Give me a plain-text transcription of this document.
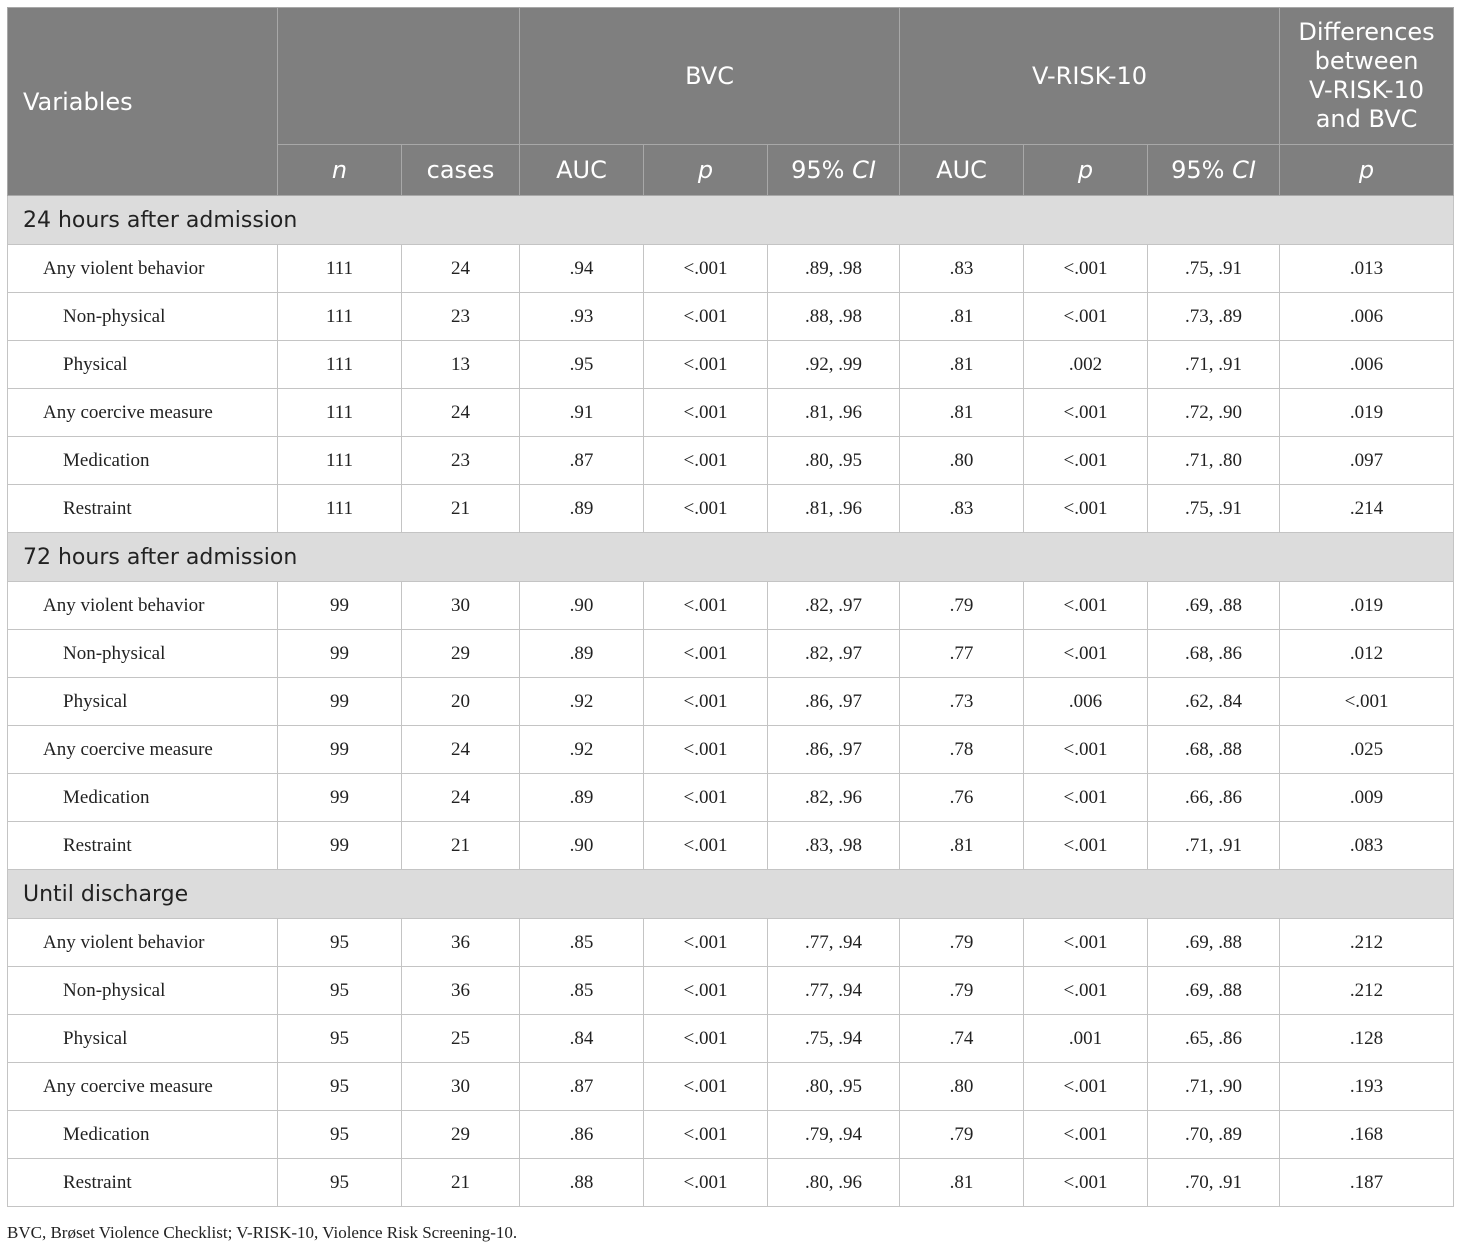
Variables			BVC			V-RISK-10			Differences
between
V-RISK-10
and BVC

	n	cases	AUC	p	95% CI	AUC	p	95% CI	p
24 hours after admission									
Any violent behavior	111	24	.94	<.001	.89, .98	.83	<.001	.75, .91	.013
Non-physical	111	23	.93	<.001	.88, .98	.81	<.001	.73, .89	.006
Physical	111	13	.95	<.001	.92, .99	.81	.002	.71, .91	.006
Any coercive measure	111	24	.91	<.001	.81, .96	.81	<.001	.72, .90	.019
Medication	111	23	.87	<.001	.80, .95	.80	<.001	.71, .80	.097
Restraint	111	21	.89	<.001	.81, .96	.83	<.001	.75, .91	.214
72 hours after admission									
Any violent behavior	99	30	.90	<.001	.82, .97	.79	<.001	.69, .88	.019
Non-physical	99	29	.89	<.001	.82, .97	.77	<.001	.68, .86	.012
Physical	99	20	.92	<.001	.86, .97	.73	.006	.62, .84	<.001
Any coercive measure	99	24	.92	<.001	.86, .97	.78	<.001	.68, .88	.025
Medication	99	24	.89	<.001	.82, .96	.76	<.001	.66, .86	.009
Restraint	99	21	.90	<.001	.83, .98	.81	<.001	.71, .91	.083
Until discharge									
Any violent behavior	95	36	.85	<.001	.77, .94	.79	<.001	.69, .88	.212
Non-physical	95	36	.85	<.001	.77, .94	.79	<.001	.69, .88	.212
Physical	95	25	.84	<.001	.75, .94	.74	.001	.65, .86	.128
Any coercive measure	95	30	.87	<.001	.80, .95	.80	<.001	.71, .90	.193
Medication	95	29	.86	<.001	.79, .94	.79	<.001	.70, .89	.168
Restraint	95	21	.88	<.001	.80, .96	.81	<.001	.70, .91	.187
BVC, Brøset Violence Checklist; V-RISK-10, Violence Risk Screening-10.
